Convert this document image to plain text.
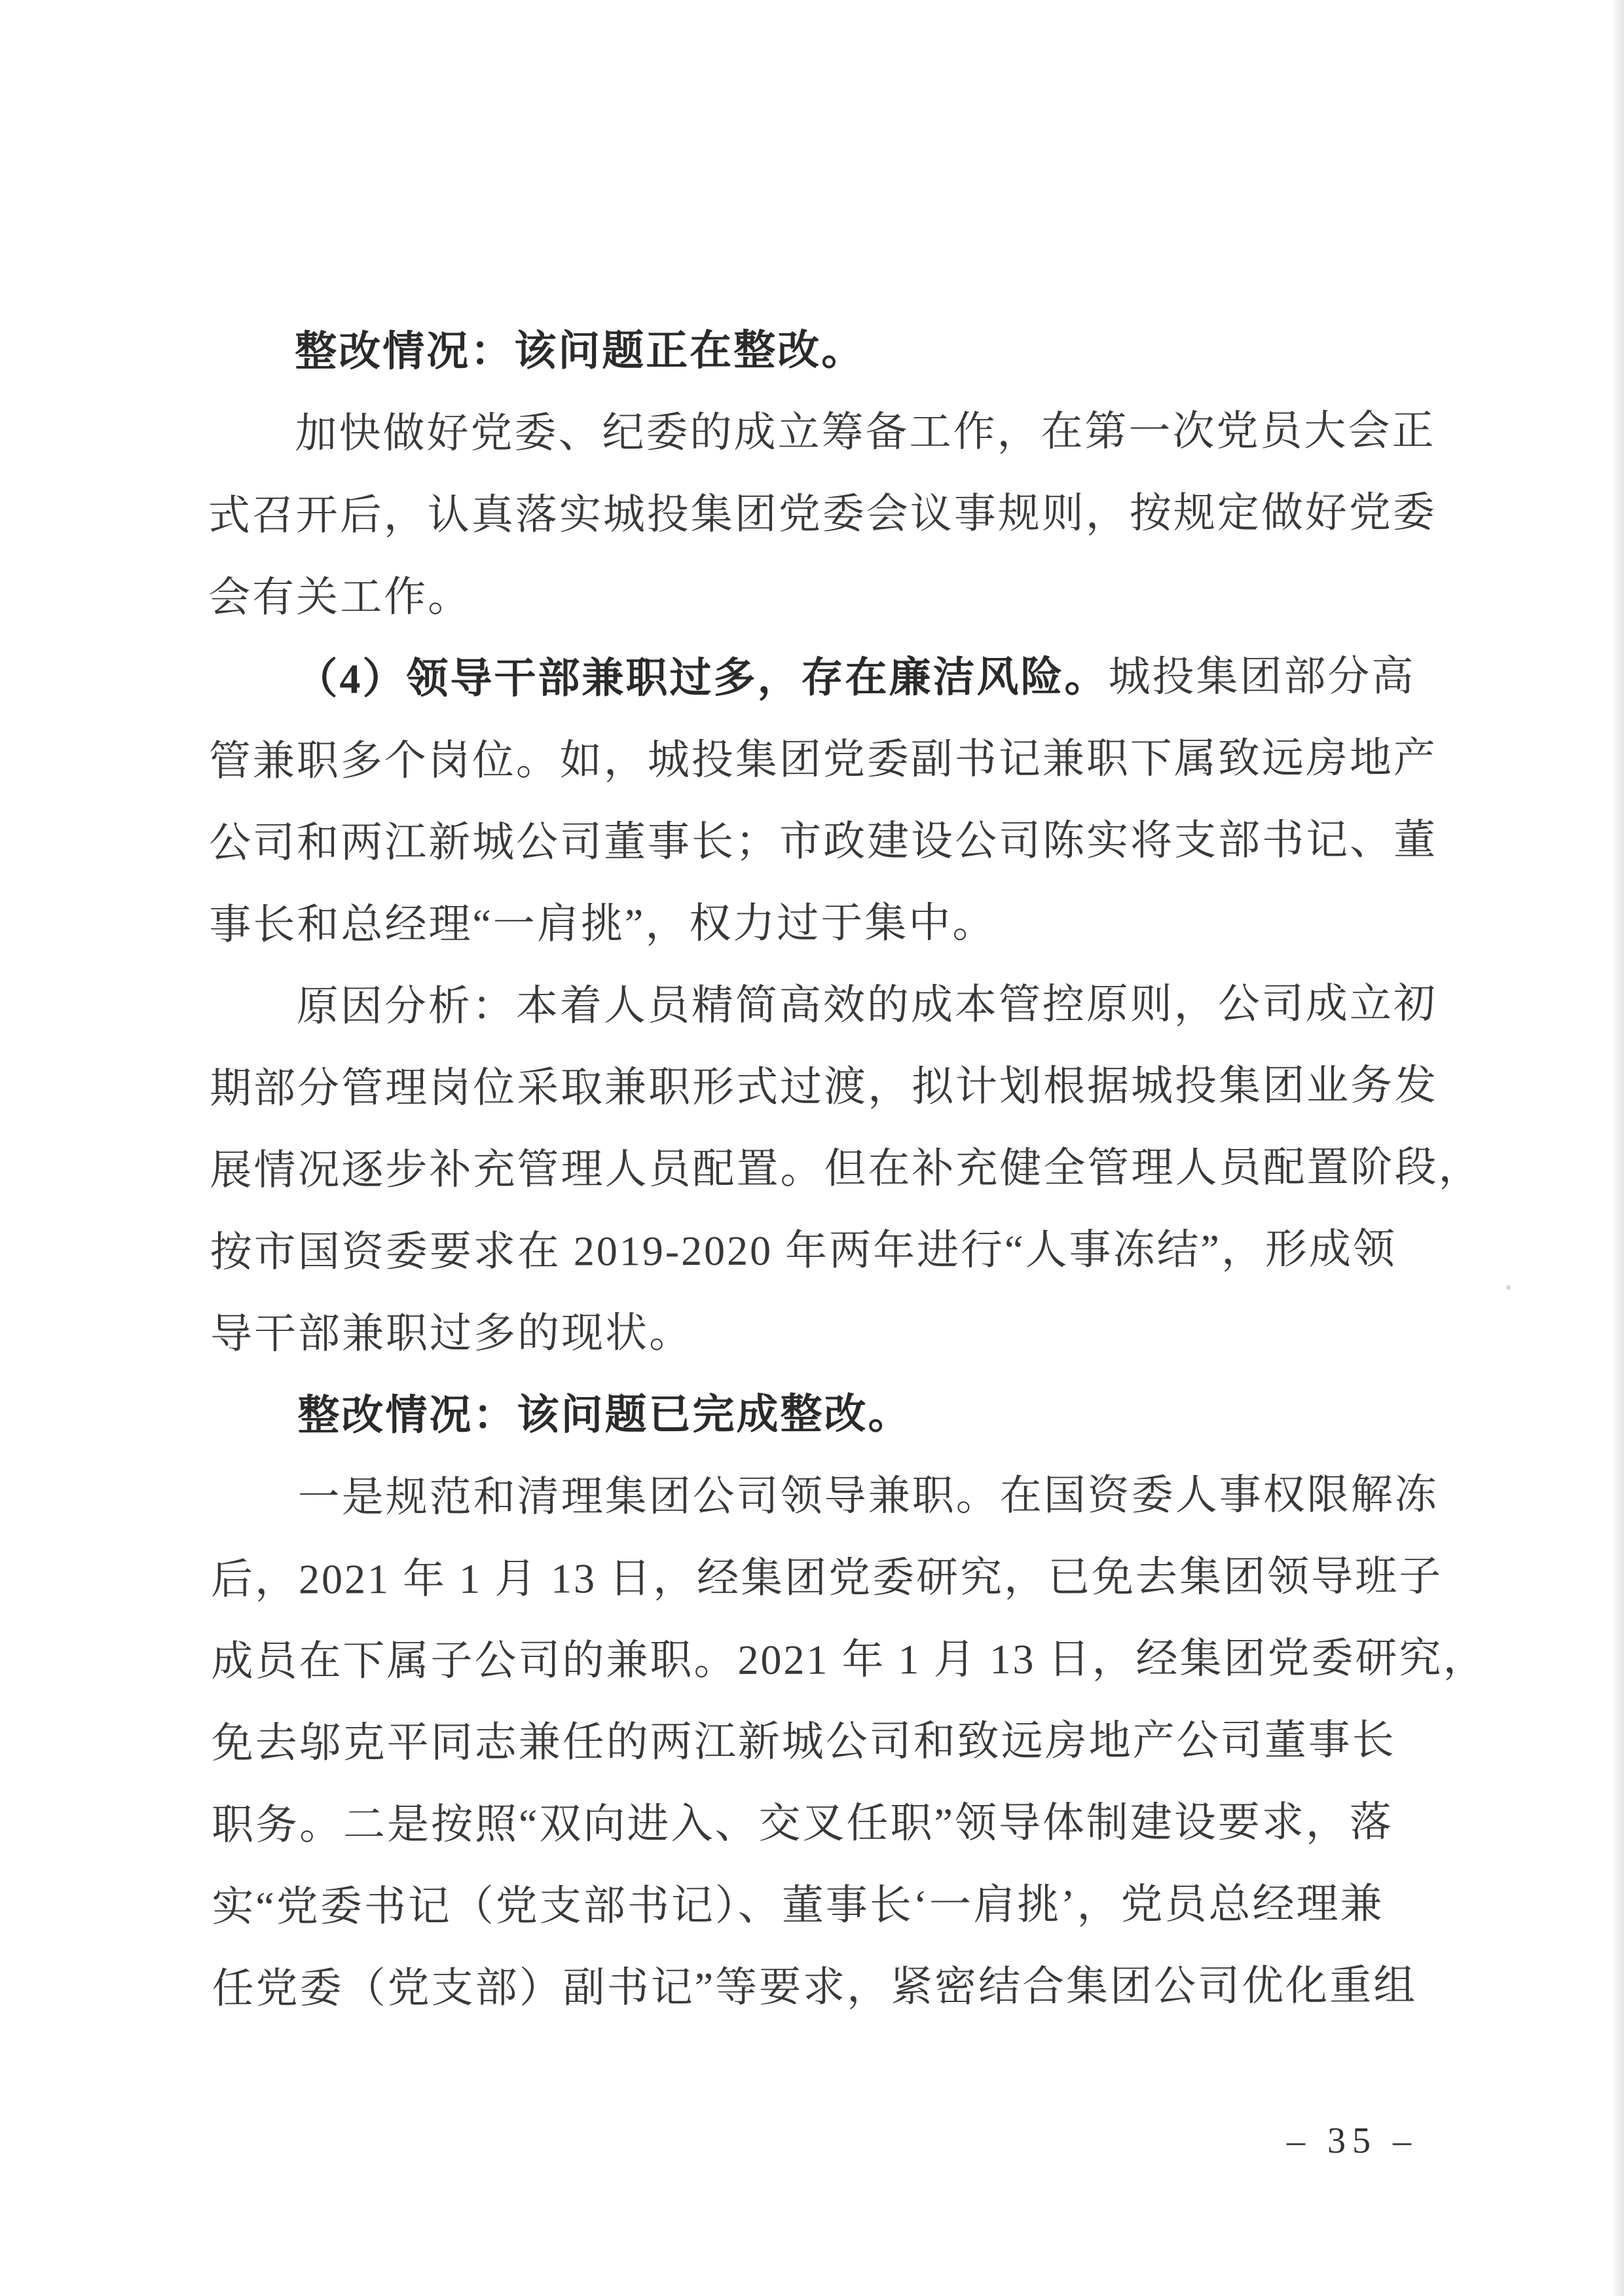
整改情况：该问题正在整改。
加快做好党委、纪委的成立筹备工作，在第一次党员大会正
式召开后，认真落实城投集团党委会议事规则，按规定做好党委
会有关工作。
（4）领导干部兼职过多，存在廉洁风险。城投集团部分高
管兼职多个岗位。如，城投集团党委副书记兼职下属致远房地产
公司和两江新城公司董事长；市政建设公司陈实将支部书记、董
事长和总经理“一肩挑”，权力过于集中。
原因分析：本着人员精简高效的成本管控原则，公司成立初
期部分管理岗位采取兼职形式过渡，拟计划根据城投集团业务发
展情况逐步补充管理人员配置。但在补充健全管理人员配置阶段，
按市国资委要求在 2019-2020 年两年进行“人事冻结”，形成领
导干部兼职过多的现状。
整改情况：该问题已完成整改。
一是规范和清理集团公司领导兼职。在国资委人事权限解冻
后，2021 年 1 月 13 日，经集团党委研究，已免去集团领导班子
成员在下属子公司的兼职。2021 年 1 月 13 日，经集团党委研究，
免去邬克平同志兼任的两江新城公司和致远房地产公司董事长
职务。二是按照“双向进入、交叉任职”领导体制建设要求，落
实“党委书记（党支部书记）、董事长‘一肩挑’，党员总经理兼
任党委（党支部）副书记”等要求，紧密结合集团公司优化重组
– 35 –
